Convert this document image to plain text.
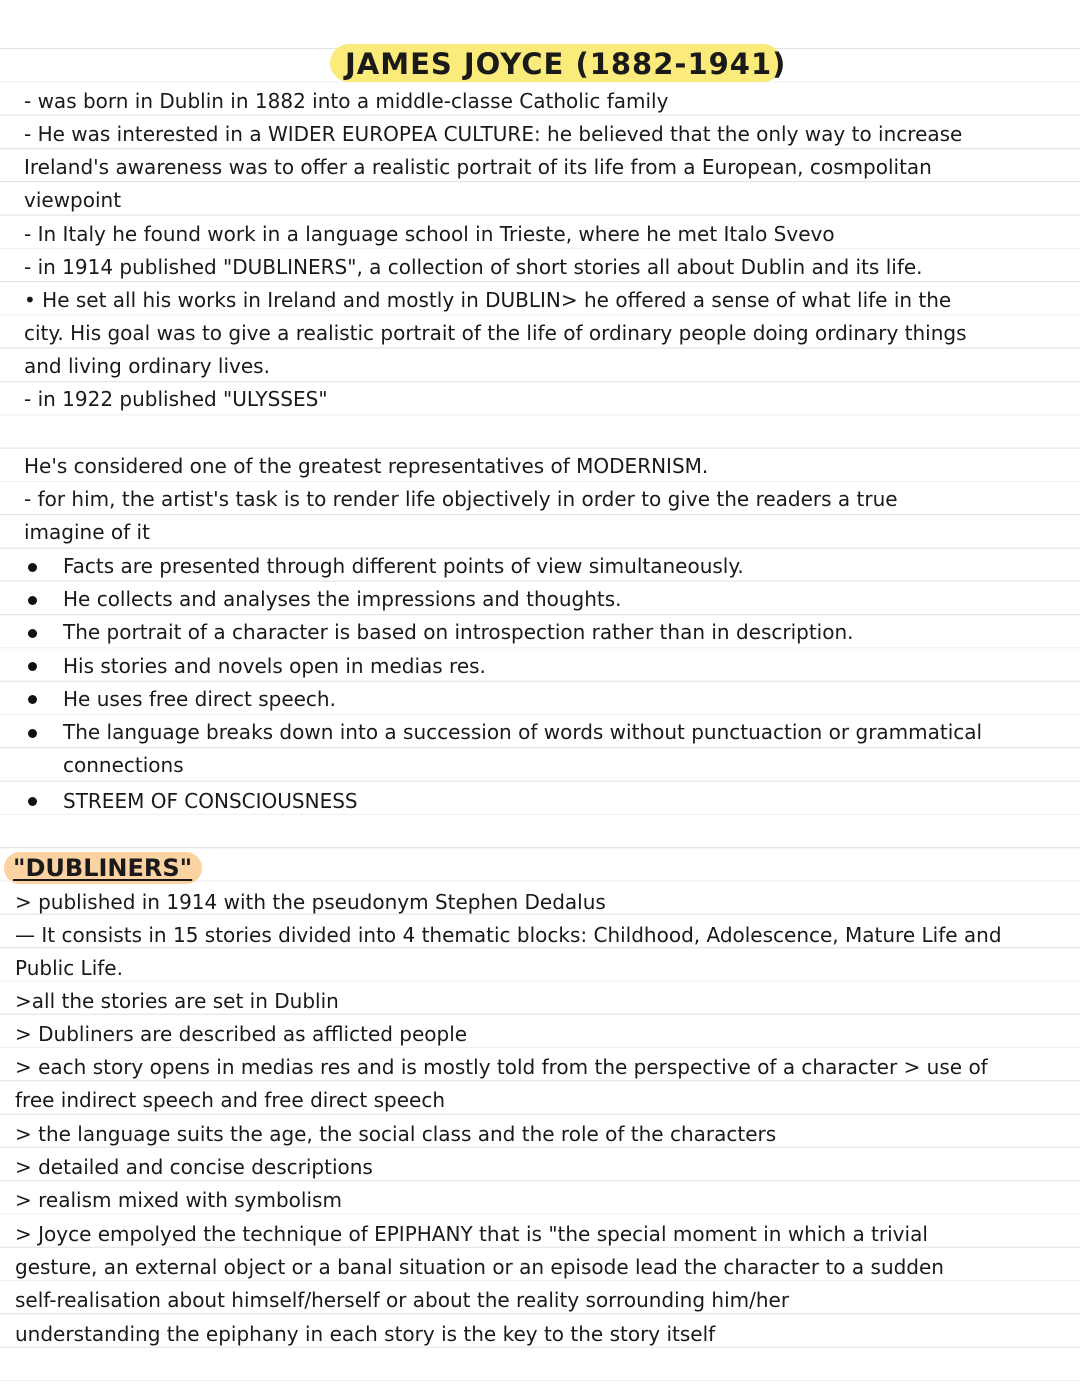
JAMES JOYCE (1882-1941)
- was born in Dublin in 1882 into a middle-classe Catholic family
- He was interested in a WIDER EUROPEA CULTURE: he believed that the only way to increase
Ireland's awareness was to offer a realistic portrait of its life from a European, cosmpolitan
viewpoint
- In Italy he found work in a language school in Trieste, where he met Italo Svevo
- in 1914 published "DUBLINERS", a collection of short stories all about Dublin and its life.
• He set all his works in Ireland and mostly in DUBLIN> he offered a sense of what life in the
city. His goal was to give a realistic portrait of the life of ordinary people doing ordinary things
and living ordinary lives.
- in 1922 published "ULYSSES"
He's considered one of the greatest representatives of MODERNISM.
- for him, the artist's task is to render life objectively in order to give the readers a true
imagine of it
Facts are presented through different points of view simultaneously.
He collects and analyses the impressions and thoughts.
The portrait of a character is based on introspection rather than in description.
His stories and novels open in medias res.
He uses free direct speech.
The language breaks down into a succession of words without punctuaction or grammatical
connections
STREEM OF CONSCIOUSNESS
"DUBLINERS"
> published in 1914 with the pseudonym Stephen Dedalus
— It consists in 15 stories divided into 4 thematic blocks: Childhood, Adolescence, Mature Life and
Public Life.
>all the stories are set in Dublin
> Dubliners are described as afflicted people
> each story opens in medias res and is mostly told from the perspective of a character > use of
free indirect speech and free direct speech
> the language suits the age, the social class and the role of the characters
> detailed and concise descriptions
> realism mixed with symbolism
> Joyce empolyed the technique of EPIPHANY that is "the special moment in which a trivial
gesture, an external object or a banal situation or an episode lead the character to a sudden
self-realisation about himself/herself or about the reality sorrounding him/her
understanding the epiphany in each story is the key to the story itself
